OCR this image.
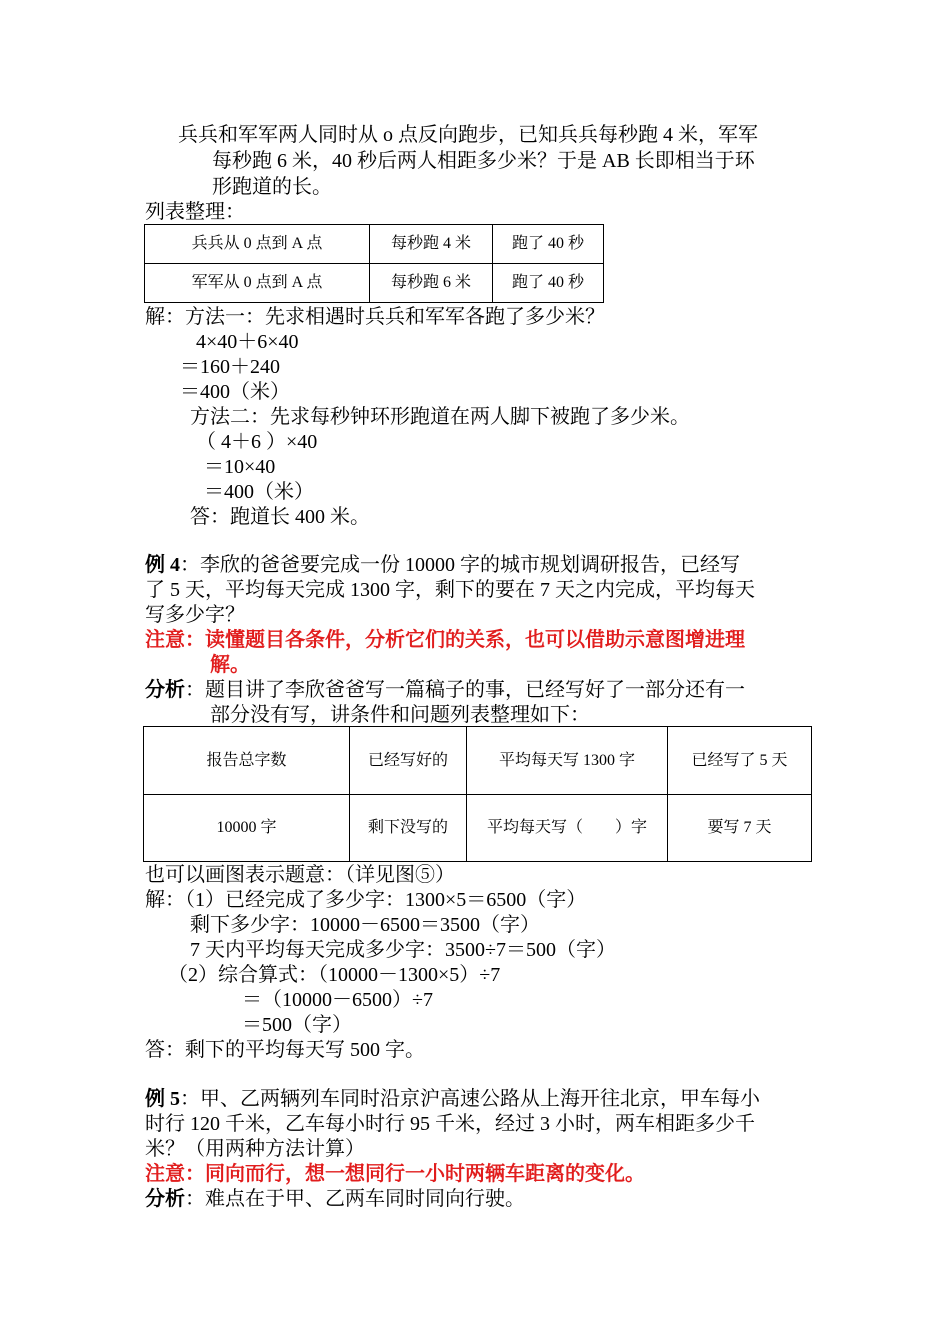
兵兵和军军两人同时从 o 点反向跑步，已知兵兵每秒跑 4 米，军军
每秒跑 6 米，40 秒后两人相距多少米？于是 AB 长即相当于环
形跑道的长。
列表整理：
兵兵从 0 点到 A 点	每秒跑 4 米	跑了 40 秒
军军从 0 点到 A 点	每秒跑 6 米	跑了 40 秒
解：方法一：先求相遇时兵兵和军军各跑了多少米？
4×40＋6×40
＝160＋240
＝400（米）
方法二：先求每秒钟环形跑道在两人脚下被跑了多少米。
（ 4＋6 ）×40
＝10×40
＝400（米）
答：跑道长 400 米。
例 4：李欣的爸爸要完成一份 10000 字的城市规划调研报告，已经写
了 5 天，平均每天完成 1300 字，剩下的要在 7 天之内完成，平均每天
写多少字？
注意：读懂题目各条件，分析它们的关系，也可以借助示意图增进理
解。
分析：题目讲了李欣爸爸写一篇稿子的事，已经写好了一部分还有一
部分没有写，讲条件和问题列表整理如下：
报告总字数	已经写好的	平均每天写 1300 字	已经写了 5 天
10000 字	剩下没写的	平均每天写（　　）字	要写 7 天
也可以画图表示题意：（详见图⑤）
解：（1）已经完成了多少字：1300×5＝6500（字）
剩下多少字：10000－6500＝3500（字）
7 天内平均每天完成多少字：3500÷7＝500（字）
（2）综合算式：（10000－1300×5）÷7
＝（10000－6500）÷7
＝500（字）
答：剩下的平均每天写 500 字。
例 5：甲、乙两辆列车同时沿京沪高速公路从上海开往北京，甲车每小
时行 120 千米，乙车每小时行 95 千米，经过 3 小时，两车相距多少千
米？（用两种方法计算）
注意：同向而行，想一想同行一小时两辆车距离的变化。
分析：难点在于甲、乙两车同时同向行驶。
